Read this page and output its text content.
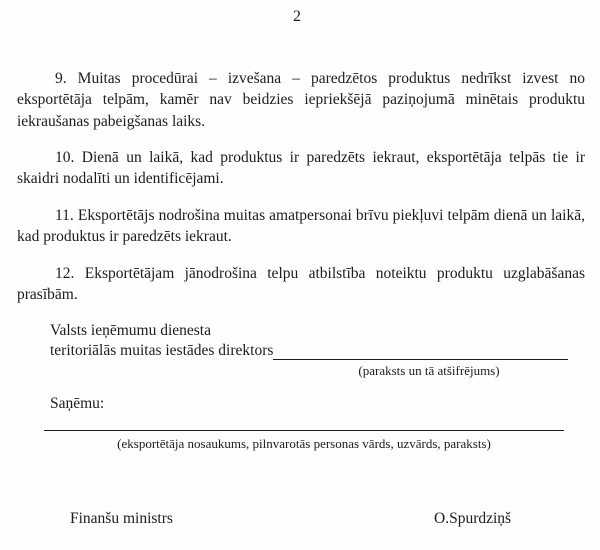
2

9. Muitas procedūrai – izvešana – paredzētos produktus nedrīkst izvest no eksportētāja telpām, kamēr nav beidzies iepriekšējā paziņojumā minētais produktu iekraušanas pabeigšanas laiks.

10. Dienā un laikā, kad produktus ir paredzēts iekraut, eksportētāja telpās tie ir skaidri nodalīti un identificējami.

11. Eksportētājs nodrošina muitas amatpersonai brīvu piekļuvi telpām dienā un laikā, kad produktus ir paredzēts iekraut.

12. Eksportētājam jānodrošina telpu atbilstība noteiktu produktu uzglabāšanas prasībām.

Valsts ieņēmumu dienesta
teritoriālās muitas iestādes direktors
(paraksts un tā atšifrējums)
Saņēmu:
(eksportētāja nosaukums, pilnvarotās personas vārds, uzvārds, paraksts)
Finanšu ministrs	O.Spurdziņš
